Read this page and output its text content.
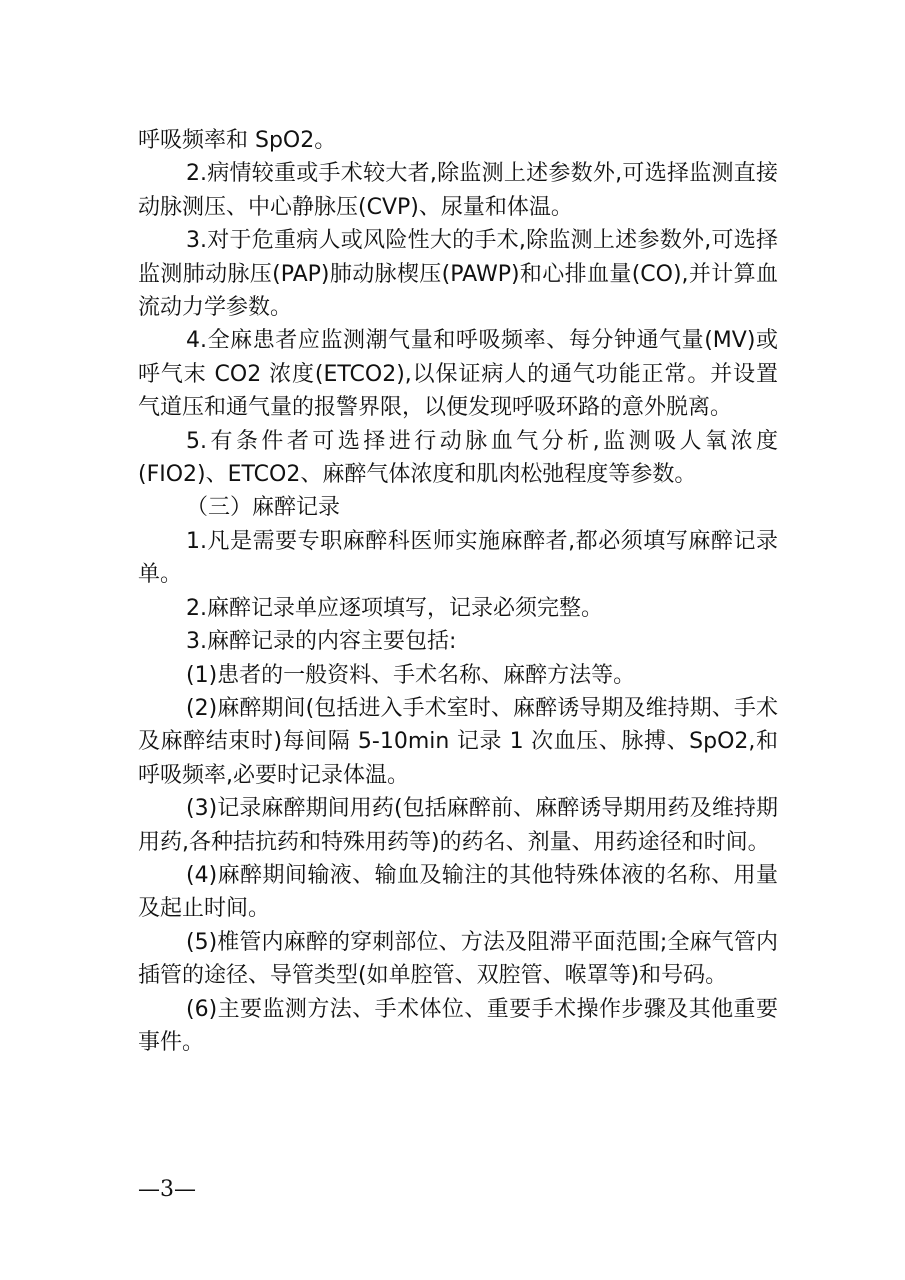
呼吸频率和 SpO2。

2.病情较重或手术较大者,除监测上述参数外,可选择监测直接动脉测压、中心静脉压(CVP)、尿量和体温。

3.对于危重病人或风险性大的手术,除监测上述参数外,可选择监测肺动脉压(PAP)肺动脉楔压(PAWP)和心排血量(CO),并计算血流动力学参数。

4.全麻患者应监测潮气量和呼吸频率、每分钟通气量(MV)或呼气末 CO2 浓度(ETCO2),以保证病人的通气功能正常。并设置气道压和通气量的报警界限，以便发现呼吸环路的意外脱离。

5.有条件者可选择进行动脉血气分析,监测吸人氧浓度(FIO2)、ETCO2、麻醉气体浓度和肌肉松弛程度等参数。

（三）麻醉记录

1.凡是需要专职麻醉科医师实施麻醉者,都必须填写麻醉记录单。

2.麻醉记录单应逐项填写，记录必须完整。

3.麻醉记录的内容主要包括:

(1)患者的一般资料、手术名称、麻醉方法等。

(2)麻醉期间(包括进入手术室时、麻醉诱导期及维持期、手术及麻醉结束时)每间隔 5-10min 记录 1 次血压、脉搏、SpO2,和呼吸频率,必要时记录体温。

(3)记录麻醉期间用药(包括麻醉前、麻醉诱导期用药及维持期用药,各种拮抗药和特殊用药等)的药名、剂量、用药途径和时间。

(4)麻醉期间输液、输血及输注的其他特殊体液的名称、用量及起止时间。

(5)椎管内麻醉的穿刺部位、方法及阻滞平面范围;全麻气管内插管的途径、导管类型(如单腔管、双腔管、喉罩等)和号码。

(6)主要监测方法、手术体位、重要手术操作步骤及其他重要事件。

—3—
